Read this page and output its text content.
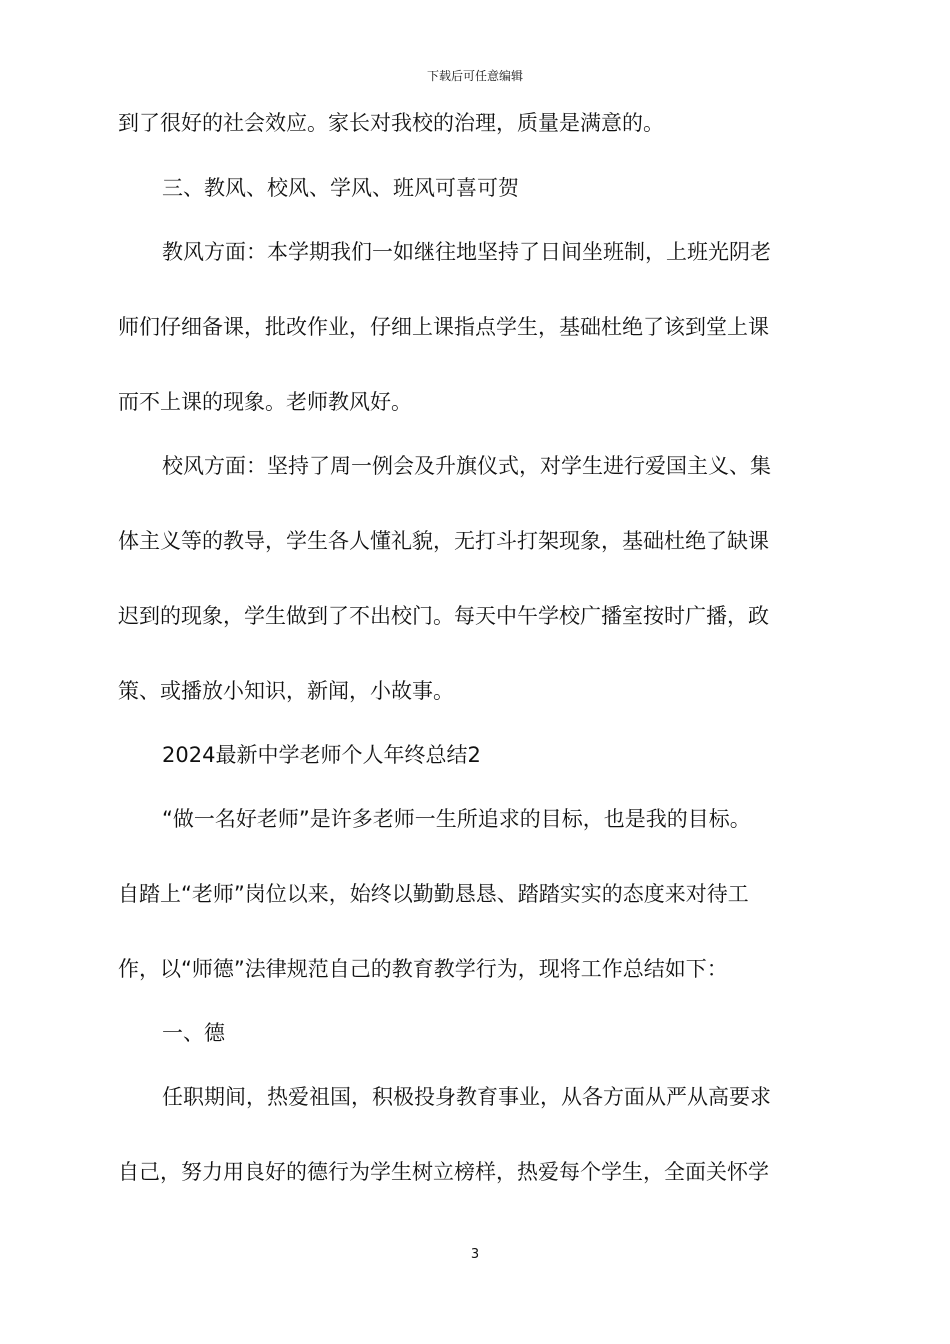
下载后可任意编辑
到了很好的社会效应。家长对我校的治理，质量是满意的。
三、教风、校风、学风、班风可喜可贺
教风方面：本学期我们一如继往地坚持了日间坐班制，上班光阴老
师们仔细备课，批改作业，仔细上课指点学生，基础杜绝了该到堂上课
而不上课的现象。老师教风好。
校风方面：坚持了周一例会及升旗仪式，对学生进行爱国主义、集
体主义等的教导，学生各人懂礼貌，无打斗打架现象，基础杜绝了缺课
迟到的现象，学生做到了不出校门。每天中午学校广播室按时广播，政
策、或播放小知识，新闻，小故事。
2024最新中学老师个人年终总结2
“做一名好老师”是许多老师一生所追求的目标，也是我的目标。
自踏上“老师”岗位以来，始终以勤勤恳恳、踏踏实实的态度来对待工
作，以“师德”法律规范自己的教育教学行为，现将工作总结如下：
一、德
任职期间，热爱祖国，积极投身教育事业，从各方面从严从高要求
自己，努力用良好的德行为学生树立榜样，热爱每个学生，全面关怀学
3
